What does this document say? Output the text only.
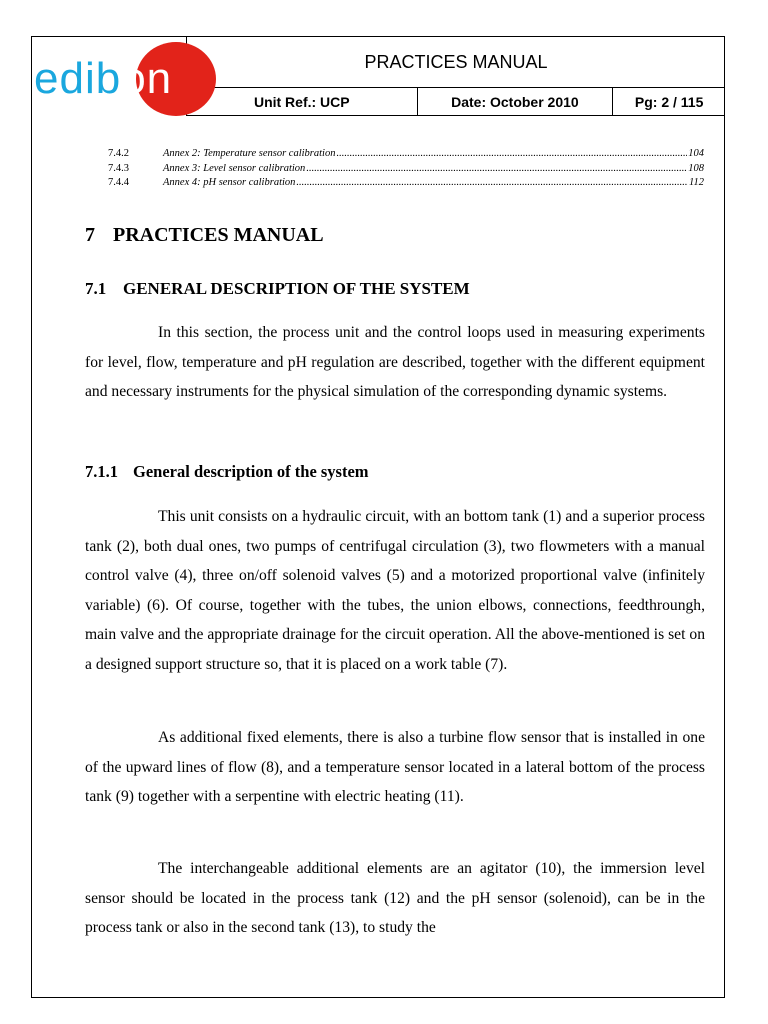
edibon	PRACTICES MANUAL
Unit Ref.: UCP	Date: October 2010	Pg: 2 / 115
7.4.2	Annex 2: Temperature sensor calibration .....	104
7.4.3	Annex 3: Level sensor calibration .....	108
7.4.4	Annex 4: pH sensor calibration .....	112
7 PRACTICES MANUAL
7.1 GENERAL DESCRIPTION OF THE SYSTEM

In this section, the process unit and the control loops used in measuring experiments for level, flow, temperature and pH regulation are described, together with the different equipment and necessary instruments for the physical simulation of the corresponding dynamic systems.

7.1.1 General description of the system

This unit consists on a hydraulic circuit, with an bottom tank (1) and a superior process tank (2), both dual ones, two pumps of centrifugal circulation (3), two flowmeters with a manual control valve (4), three on/off solenoid valves (5) and a motorized proportional valve (infinitely variable) (6). Of course, together with the tubes, the union elbows, connections, feedthroungh, main valve and the appropriate drainage for the circuit operation. All the above-mentioned is set on a designed support structure so, that it is placed on a work table (7).

As additional fixed elements, there is also a turbine flow sensor that is installed in one of the upward lines of flow (8), and a temperature sensor located in a lateral bottom of the process tank (9) together with a serpentine with electric heating (11).

The interchangeable additional elements are an agitator (10), the immersion level sensor should be located in the process tank (12) and the pH sensor (solenoid), can be in the process tank or also in the second tank (13), to study the
